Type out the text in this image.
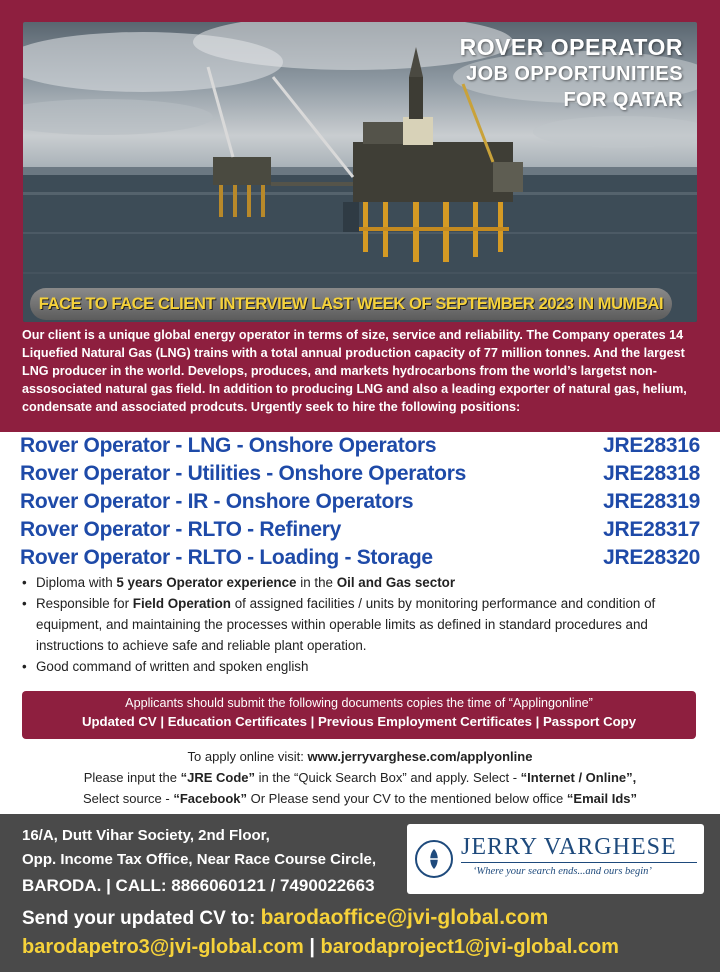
ROVER OPERATOR
JOB OPPORTUNITIES
FOR QATAR
FACE TO FACE CLIENT INTERVIEW LAST WEEK OF SEPTEMBER 2023 IN MUMBAI
Our client is a unique global energy operator in terms of size, service and reliability. The Company operates 14 Liquefied Natural Gas (LNG) trains with a total annual production capacity of 77 million tonnes. And the largest LNG producer in the world. Develops, produces, and markets hydrocarbons from the world’s largetst non-assosociated natural gas field. In addition to producing LNG and also a leading exporter of natural gas, helium, condensate and associated prodcuts. Urgently seek to hire the following positions:
Rover Operator - LNG - Onshore Operators	JRE28316
Rover Operator - Utilities - Onshore Operators	JRE28318
Rover Operator - IR - Onshore Operators	JRE28319
Rover Operator - RLTO - Refinery	JRE28317
Rover Operator - RLTO - Loading - Storage	JRE28320
• Diploma with 5 years Operator experience in the Oil and Gas sector
• Responsible for Field Operation of assigned facilities / units by monitoring performance and condition of equipment, and maintaining the processes within operable limits as defined in standard procedures and instructions to achieve safe and reliable plant operation.
• Good command of written and spoken english
Applicants should submit the following documents copies the time of “Applingonline”
Updated CV | Education Certificates | Previous Employment Certificates | Passport Copy
To apply online visit: www.jerryvarghese.com/applyonline
Please input the “JRE Code” in the “Quick Search Box” and apply. Select - “Internet / Online”,
Select source - “Facebook” Or Please send your CV to the mentioned below office “Email Ids”
16/A, Dutt Vihar Society, 2nd Floor,
Opp. Income Tax Office, Near Race Course Circle,
BARODA. | CALL: 8866060121 / 7490022663
Send your updated CV to: barodaoffice@jvi-global.com
barodapetro3@jvi-global.com | barodaproject1@jvi-global.com
JERRY VARGHESE
‘Where your search ends...and ours begin’
